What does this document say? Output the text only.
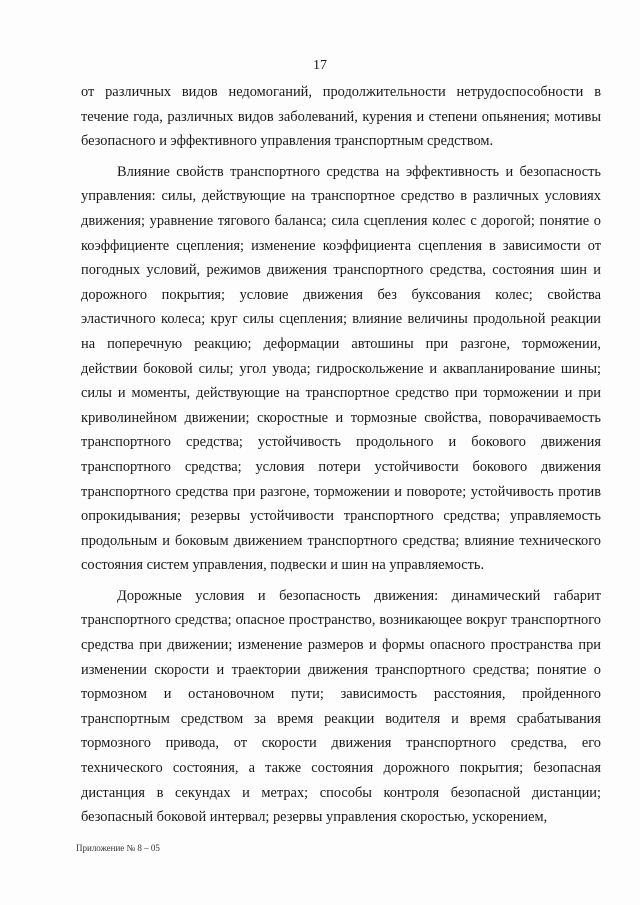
17

от различных видов недомоганий, продолжительности нетрудоспособности в течение года, различных видов заболеваний, курения и степени опьянения; мотивы безопасного и эффективного управления транспортным средством.

Влияние свойств транспортного средства на эффективность и безопасность управления: силы, действующие на транспортное средство в различных условиях движения; уравнение тягового баланса; сила сцепления колес с дорогой; понятие о коэффициенте сцепления; изменение коэффициента сцепления в зависимости от погодных условий, режимов движения транспортного средства, состояния шин и дорожного покрытия; условие движения без буксования колес; свойства эластичного колеса; круг силы сцепления; влияние величины продольной реакции на поперечную реакцию; деформации автошины при разгоне, торможении, действии боковой силы; угол увода; гидроскольжение и аквапланирование шины; силы и моменты, действующие на транспортное средство при торможении и при криволинейном движении; скоростные и тормозные свойства, поворачиваемость транспортного средства; устойчивость продольного и бокового движения транспортного средства; условия потери устойчивости бокового движения транспортного средства при разгоне, торможении и повороте; устойчивость против опрокидывания; резервы устойчивости транспортного средства; управляемость продольным и боковым движением транспортного средства; влияние технического состояния систем управления, подвески и шин на управляемость.

Дорожные условия и безопасность движения: динамический габарит транспортного средства; опасное пространство, возникающее вокруг транспортного средства при движении; изменение размеров и формы опасного пространства при изменении скорости и траектории движения транспортного средства; понятие о тормозном и остановочном пути; зависимость расстояния, пройденного транспортным средством за время реакции водителя и время срабатывания тормозного привода, от скорости движения транспортного средства, его технического состояния, а также состояния дорожного покрытия; безопасная дистанция в секундах и метрах; способы контроля безопасной дистанции; безопасный боковой интервал; резервы управления скоростью, ускорением,

Приложение № 8 – 05
